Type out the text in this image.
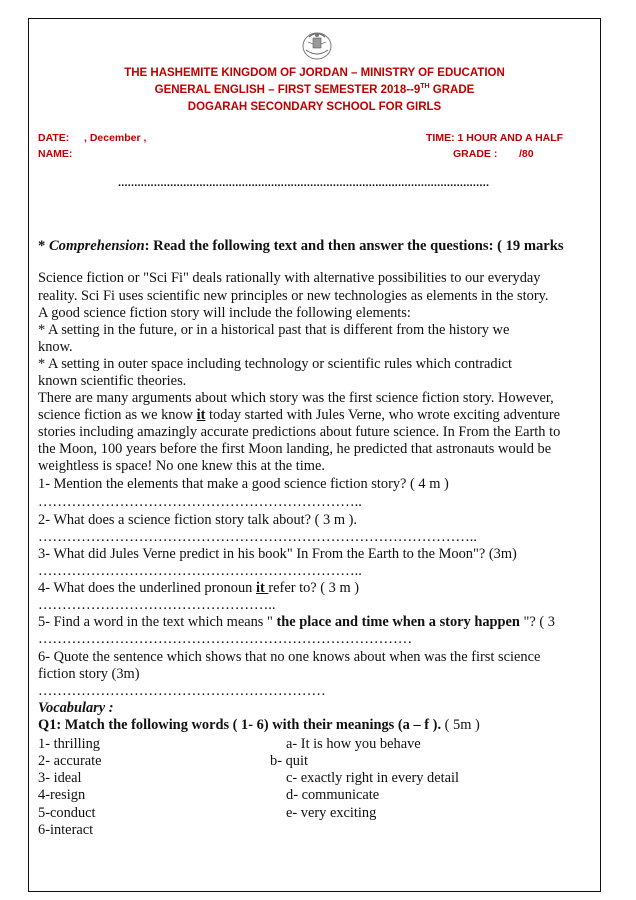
THE HASHEMITE KINGDOM OF JORDAN – MINISTRY OF EDUCATION

GENERAL ENGLISH – FIRST SEMESTER 2018--9TH GRADE

DOGARAH SECONDARY SCHOOL FOR GIRLS

DATE: , December ,	TIME: 1 HOUR AND A HALF
NAME:	GRADE : /80
..................................................................................................................

* Comprehension: Read the following text and then answer the questions: ( 19 marks

Science fiction or "Sci Fi" deals rationally with alternative possibilities to our everyday

reality. Sci Fi uses scientific new principles or new technologies as elements in the story.

A good science fiction story will include the following elements:

* A setting in the future, or in a historical past that is different from the history we

know.

* A setting in outer space including technology or scientific rules which contradict

known scientific theories.

There are many arguments about which story was the first science fiction story. However,

science fiction as we know it today started with Jules Verne, who wrote exciting adventure

stories including amazingly accurate predictions about future science. In From the Earth to

the Moon, 100 years before the first Moon landing, he predicted that astronauts would be

weightless is space! No one knew this at the time.

1- Mention the elements that make a good science fiction story? ( 4 m )

…………………………………………………………..

2- What does a science fiction story talk about? ( 3 m ).

………………………………………………………………………………..

3- What did Jules Verne predict in his book" In From the Earth to the Moon"? (3m)

…………………………………………………………..

4- What does the underlined pronoun it refer to? ( 3 m )

…………………………………………..

5- Find a word in the text which means " the place and time when a story happen "? ( 3

……………………………………………………………………

6- Quote the sentence which shows that no one knows about when was the first science

fiction story (3m)

……………………………………………………

Vocabulary :

Q1: Match the following words ( 1- 6) with their meanings (a – f ). ( 5m )

1- thrilling	a- It is how you behave

2- accurate	b- quit

3- ideal	c- exactly right in every detail

4-resign	d- communicate

5-conduct	e- very exciting

6-interact
